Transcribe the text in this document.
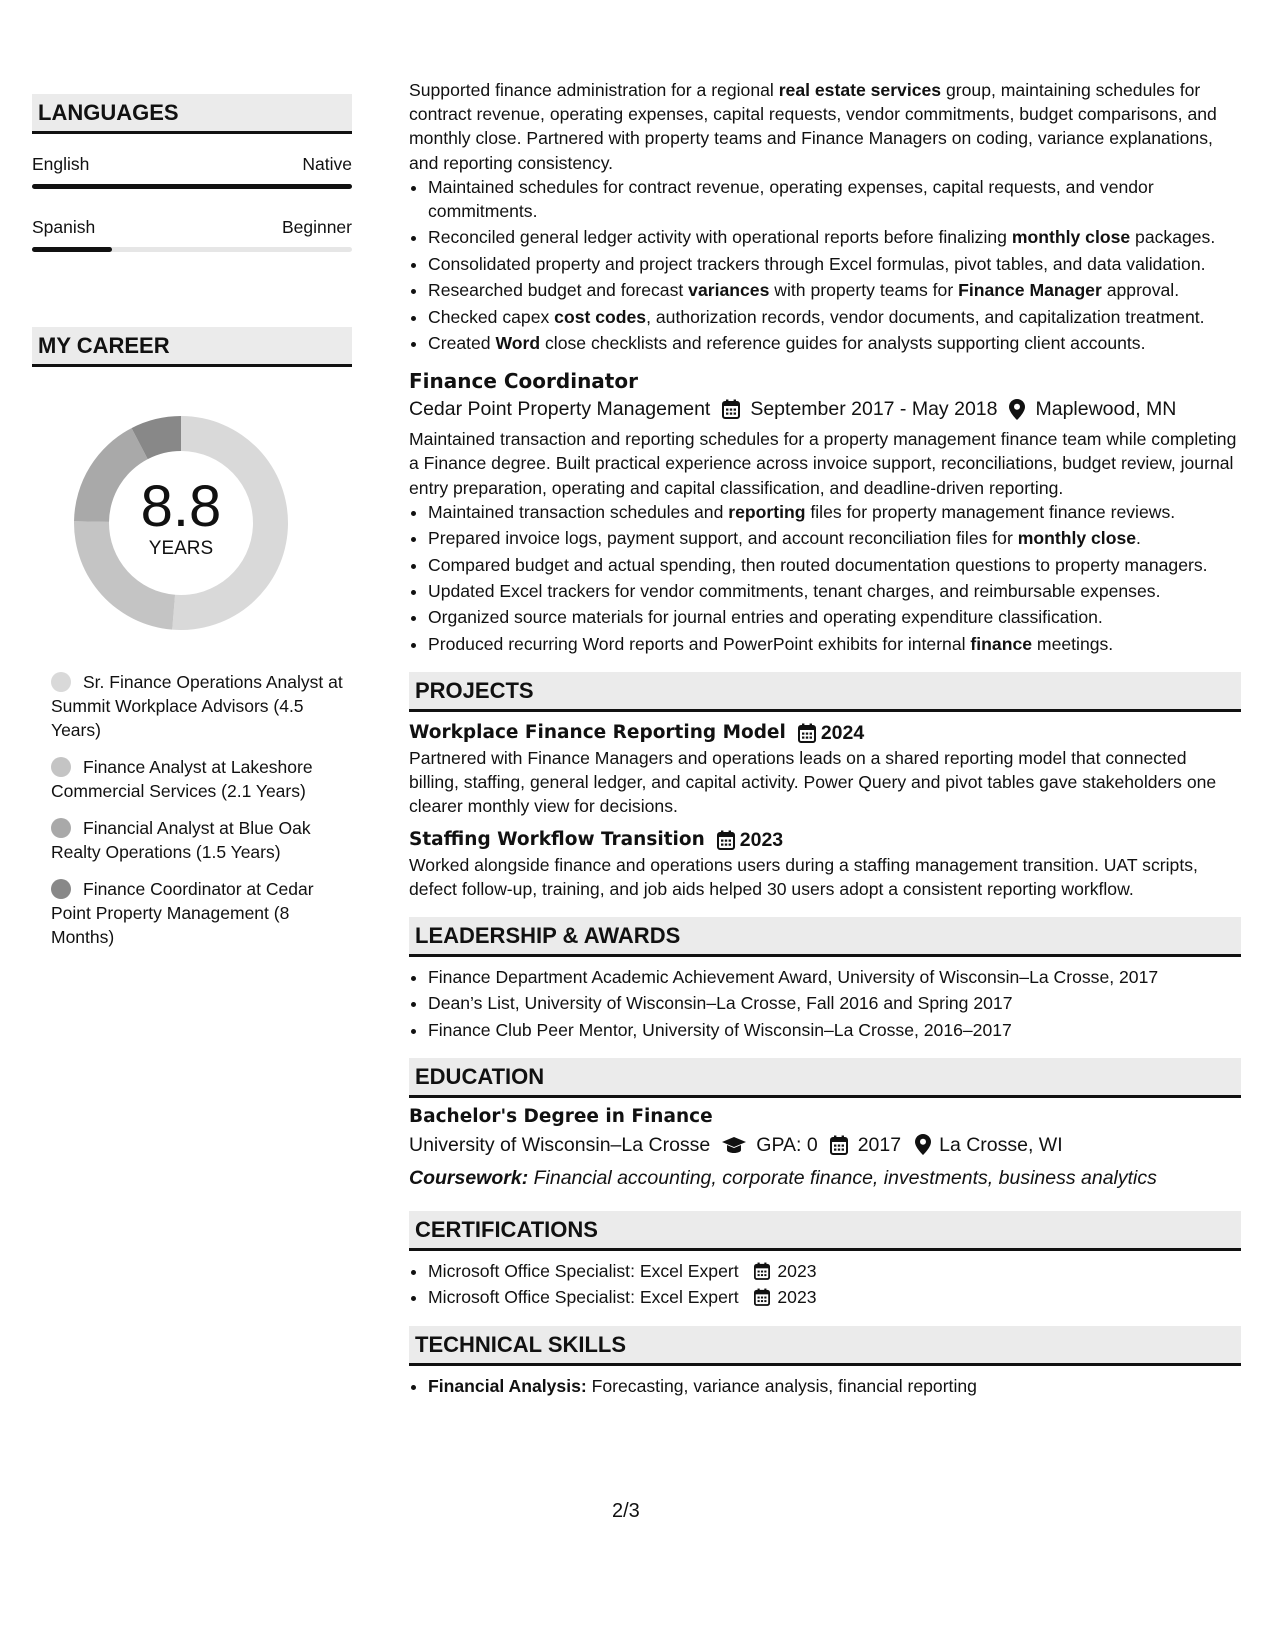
LANGUAGES
English	Native
Spanish	Beginner
MY CAREER
8.8
YEARS
Sr. Finance Operations Analyst at Summit Workplace Advisors (4.5 Years)
Finance Analyst at Lakeshore Commercial Services (2.1 Years)
Financial Analyst at Blue Oak Realty Operations (1.5 Years)
Finance Coordinator at Cedar Point Property Management (8 Months)

Supported finance administration for a regional real estate services group, maintaining schedules for contract revenue, operating expenses, capital requests, vendor commitments, budget comparisons, and monthly close. Partnered with property teams and Finance Managers on coding, variance explanations, and reporting consistency.

• Maintained schedules for contract revenue, operating expenses, capital requests, and vendor commitments.
• Reconciled general ledger activity with operational reports before finalizing monthly close packages.
• Consolidated property and project trackers through Excel formulas, pivot tables, and data validation.
• Researched budget and forecast variances with property teams for Finance Manager approval.
• Checked capex cost codes, authorization records, vendor documents, and capitalization treatment.
• Created Word close checklists and reference guides for analysts supporting client accounts.
Finance Coordinator
Cedar Point Property Management September 2017 - May 2018 Maplewood, MN

Maintained transaction and reporting schedules for a property management finance team while completing a Finance degree. Built practical experience across invoice support, reconciliations, budget review, journal entry preparation, operating and capital classification, and deadline-driven reporting.

• Maintained transaction schedules and reporting files for property management finance reviews.
• Prepared invoice logs, payment support, and account reconciliation files for monthly close.
• Compared budget and actual spending, then routed documentation questions to property managers.
• Updated Excel trackers for vendor commitments, tenant charges, and reimbursable expenses.
• Organized source materials for journal entries and operating expenditure classification.
• Produced recurring Word reports and PowerPoint exhibits for internal finance meetings.
PROJECTS
Workplace Finance Reporting Model 2024

Partnered with Finance Managers and operations leads on a shared reporting model that connected billing, staffing, general ledger, and capital activity. Power Query and pivot tables gave stakeholders one clearer monthly view for decisions.

Staffing Workflow Transition 2023

Worked alongside finance and operations users during a staffing management transition. UAT scripts, defect follow-up, training, and job aids helped 30 users adopt a consistent reporting workflow.

LEADERSHIP & AWARDS
• Finance Department Academic Achievement Award, University of Wisconsin–La Crosse, 2017
• Dean’s List, University of Wisconsin–La Crosse, Fall 2016 and Spring 2017
• Finance Club Peer Mentor, University of Wisconsin–La Crosse, 2016–2017
EDUCATION
Bachelor's Degree in Finance
University of Wisconsin–La Crosse GPA: 0 2017 La Crosse, WI
Coursework: Financial accounting, corporate finance, investments, business analytics
CERTIFICATIONS
• Microsoft Office Specialist: Excel Expert 2023
• Microsoft Office Specialist: Excel Expert 2023
TECHNICAL SKILLS
• Financial Analysis: Forecasting, variance analysis, financial reporting
2/3
